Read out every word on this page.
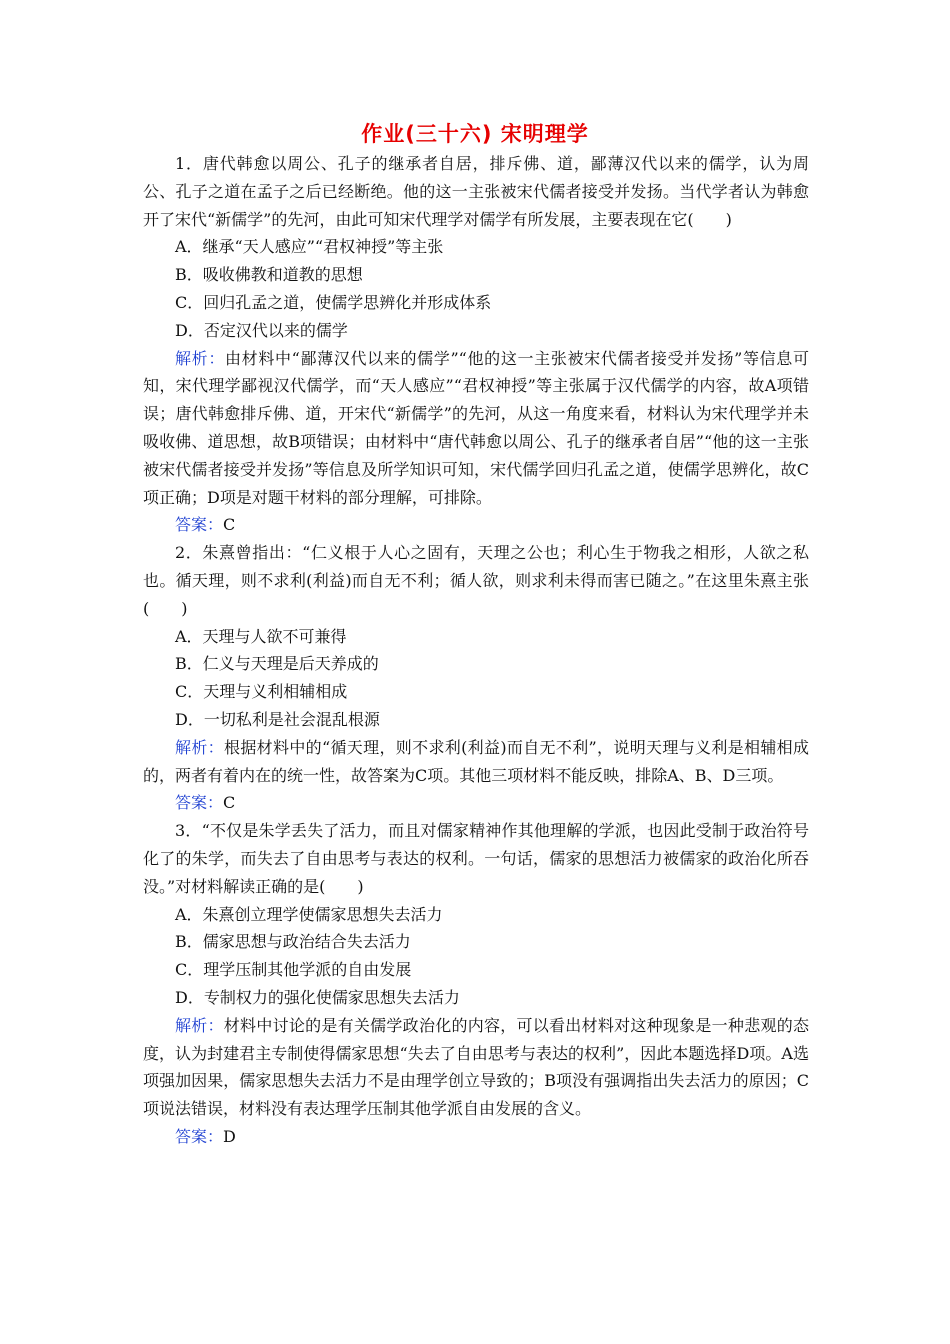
作业(三十六) 宋明理学

1．唐代韩愈以周公、孔子的继承者自居，排斥佛、道，鄙薄汉代以来的儒学，认为周公、孔子之道在孟子之后已经断绝。他的这一主张被宋代儒者接受并发扬。当代学者认为韩愈开了宋代“新儒学”的先河，由此可知宋代理学对儒学有所发展，主要表现在它(　　)

A．继承“天人感应”“君权神授”等主张

B．吸收佛教和道教的思想

C．回归孔孟之道，使儒学思辨化并形成体系

D．否定汉代以来的儒学

解析：由材料中“鄙薄汉代以来的儒学”“他的这一主张被宋代儒者接受并发扬”等信息可知，宋代理学鄙视汉代儒学，而“天人感应”“君权神授”等主张属于汉代儒学的内容，故A项错误；唐代韩愈排斥佛、道，开宋代“新儒学”的先河，从这一角度来看，材料认为宋代理学并未吸收佛、道思想，故B项错误；由材料中“唐代韩愈以周公、孔子的继承者自居”“他的这一主张被宋代儒者接受并发扬”等信息及所学知识可知，宋代儒学回归孔孟之道，使儒学思辨化，故C项正确；D项是对题干材料的部分理解，可排除。

答案：C

2．朱熹曾指出：“仁义根于人心之固有，天理之公也；利心生于物我之相形，人欲之私也。循天理，则不求利(利益)而自无不利；循人欲，则求利未得而害已随之。”在这里朱熹主张(　　)

A．天理与人欲不可兼得

B．仁义与天理是后天养成的

C．天理与义利相辅相成

D．一切私利是社会混乱根源

解析：根据材料中的“循天理，则不求利(利益)而自无不利”，说明天理与义利是相辅相成的，两者有着内在的统一性，故答案为C项。其他三项材料不能反映，排除A、B、D三项。

答案：C

3．“不仅是朱学丢失了活力，而且对儒家精神作其他理解的学派，也因此受制于政治符号化了的朱学，而失去了自由思考与表达的权利。一句话，儒家的思想活力被儒家的政治化所吞没。”对材料解读正确的是(　　)

A．朱熹创立理学使儒家思想失去活力

B．儒家思想与政治结合失去活力

C．理学压制其他学派的自由发展

D．专制权力的强化使儒家思想失去活力

解析：材料中讨论的是有关儒学政治化的内容，可以看出材料对这种现象是一种悲观的态度，认为封建君主专制使得儒家思想“失去了自由思考与表达的权利”，因此本题选择D项。A选项强加因果，儒家思想失去活力不是由理学创立导致的；B项没有强调指出失去活力的原因；C项说法错误，材料没有表达理学压制其他学派自由发展的含义。

答案：D
